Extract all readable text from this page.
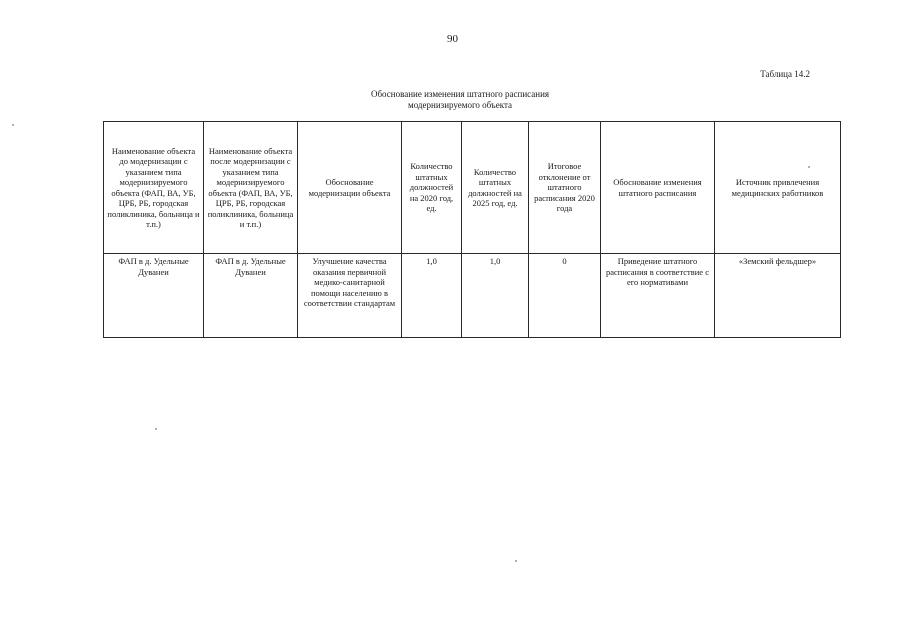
90
Таблица 14.2
Обоснование изменения штатного расписания
модернизируемого объекта
Наименование объекта до модернизации с указанием типа модернизируемого объекта (ФАП, ВА, УБ, ЦРБ, РБ, городская поликлиника, больница и т.п.)	Наименование объекта после модернизации с указанием типа модернизируемого объекта (ФАП, ВА, УБ, ЦРБ, РБ, городская поликлиника, больница и т.п.)	Обоснование модернизации объекта	Количество штатных должностей на 2020 год, ед.	Количество штатных должностей на 2025 год, ед.	Итоговое отклонение от штатного расписания 2020 года	Обоснование изменения штатного расписания	Источник привлечения медицинских работников
ФАП в д. Удельные Дуванеи	ФАП в д. Удельные Дуванеи	Улучшение качества оказания первичной медико-санитарной помощи населению в соответствии стандартам	1,0	1,0	0	Приведение штатного расписания в соответствие с его нормативами	«Земский фельдшер»
